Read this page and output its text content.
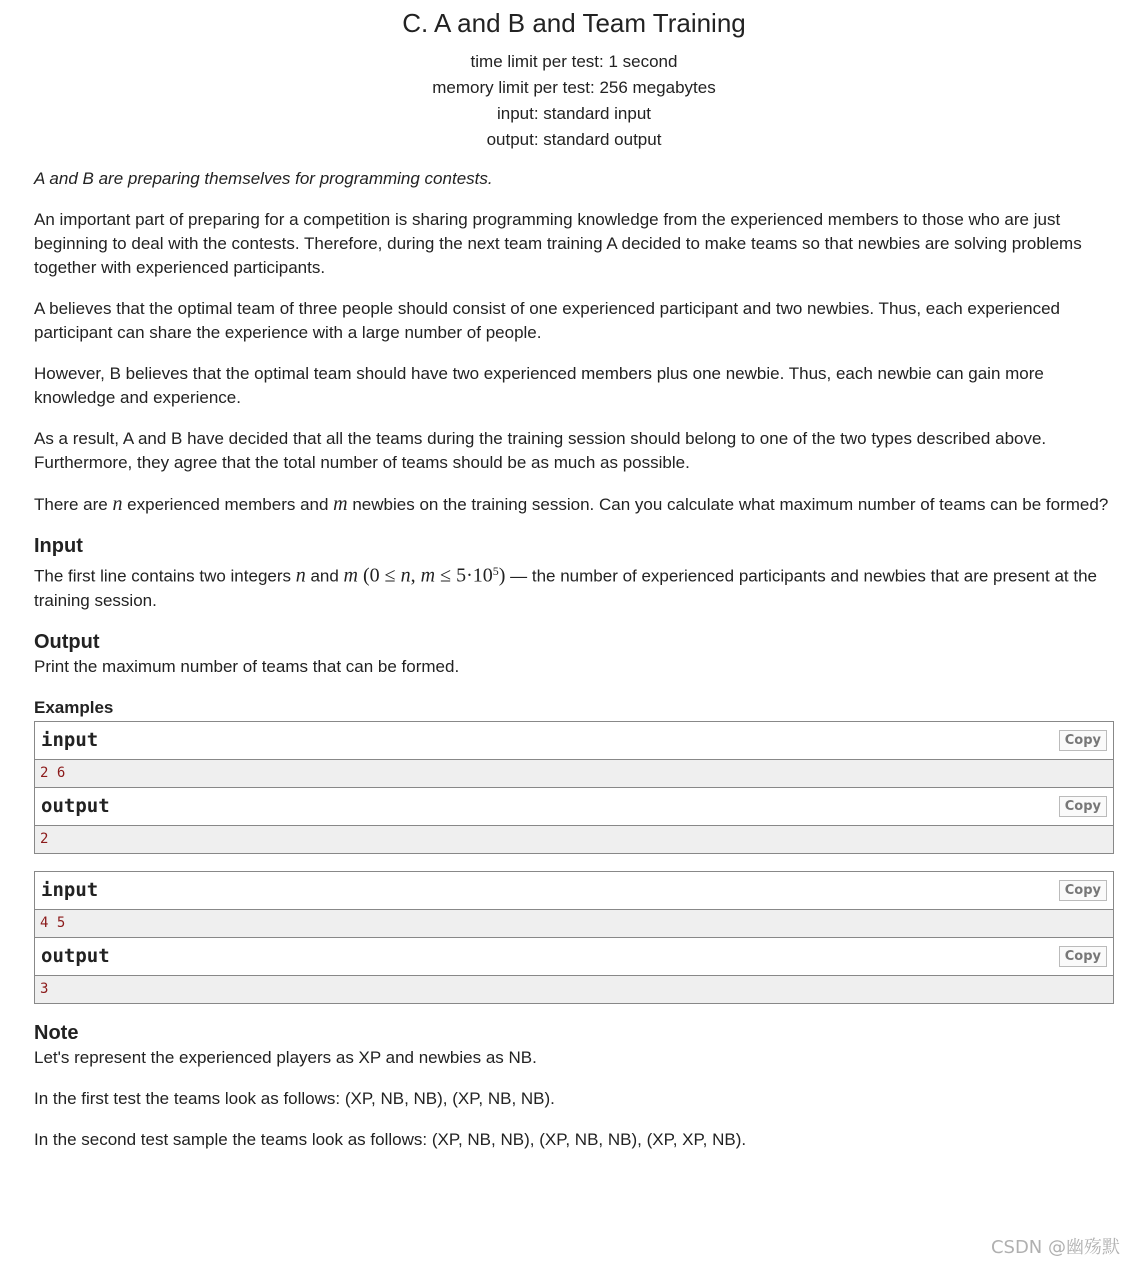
C. A and B and Team Training
time limit per test: 1 second
memory limit per test: 256 megabytes
input: standard input
output: standard output

A and B are preparing themselves for programming contests.

An important part of preparing for a competition is sharing programming knowledge from the experienced members to those who are just beginning to deal with the contests. Therefore, during the next team training A decided to make teams so that newbies are solving problems together with experienced participants.

A believes that the optimal team of three people should consist of one experienced participant and two newbies. Thus, each experienced participant can share the experience with a large number of people.

However, B believes that the optimal team should have two experienced members plus one newbie. Thus, each newbie can gain more knowledge and experience.

As a result, A and B have decided that all the teams during the training session should belong to one of the two types described above. Furthermore, they agree that the total number of teams should be as much as possible.

There are n experienced members and m newbies on the training session. Can you calculate what maximum number of teams can be formed?

Input

The first line contains two integers n and m (0 ≤ n, $m \le 5\cdot 10^5$) — the number of experienced participants and newbies that are present at the training session.

Output

Print the maximum number of teams that can be formed.

Examples
input	Copy
2 6
output	Copy
2
input	Copy
4 5
output	Copy
3
Note

Let's represent the experienced players as XP and newbies as NB.

In the first test the teams look as follows: (XP, NB, NB), (XP, NB, NB).

In the second test sample the teams look as follows: (XP, NB, NB), (XP, NB, NB), (XP, XP, NB).

CSDN @幽殇默
